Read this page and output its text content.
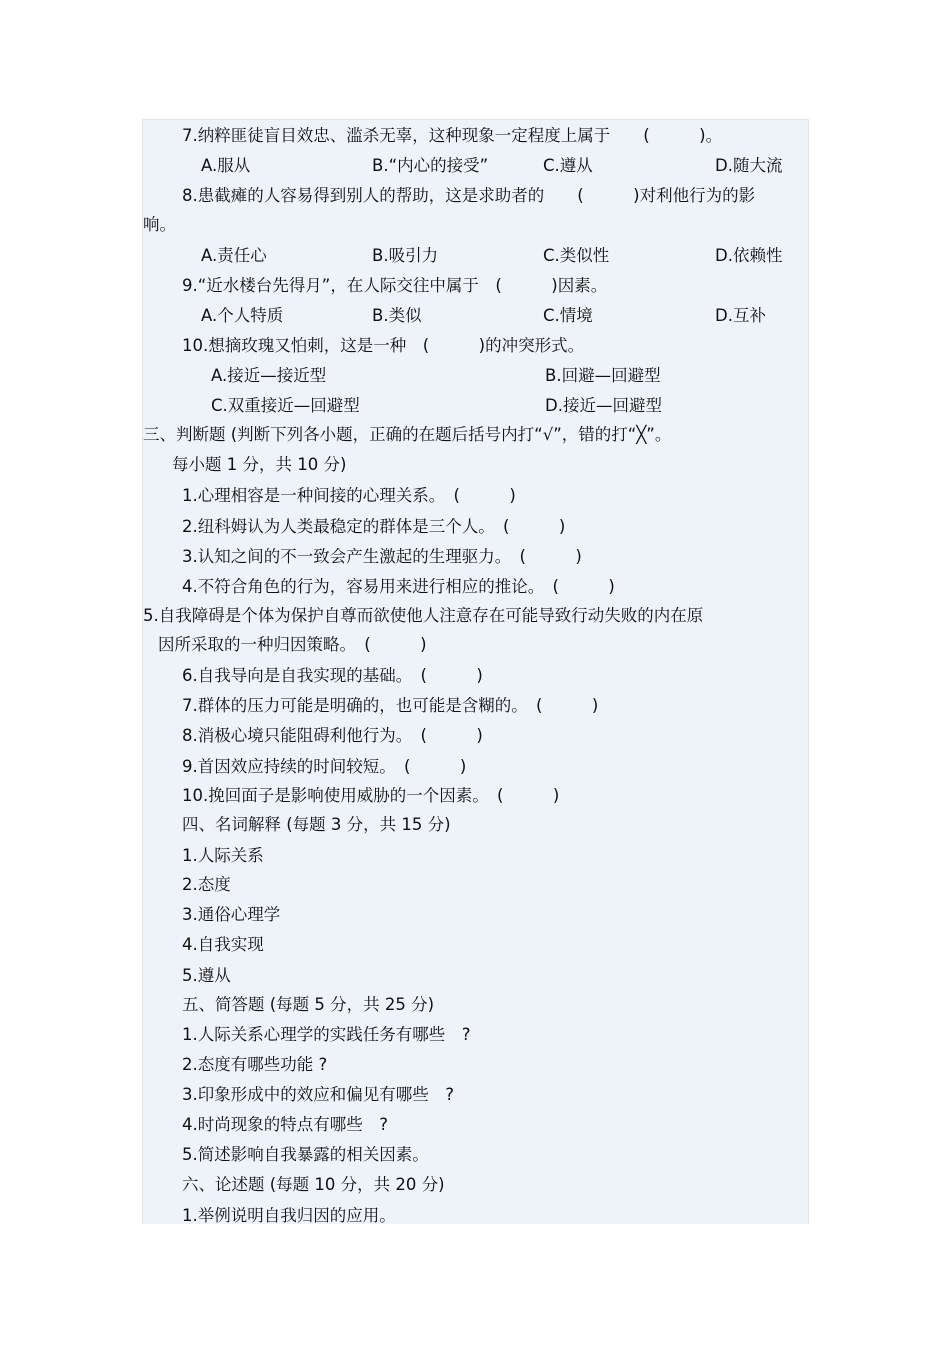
7.纳粹匪徒盲目效忠、滥杀无辜，这种现象一定程度上属于　　(　　　)。
A.服从	B.“内心的接受”	C.遵从	D.随大流
8.患截瘫的人容易得到别人的帮助，这是求助者的　　(　　　)对利他行为的影
响。
A.责任心	B.吸引力	C.类似性	D.依赖性
9.“近水楼台先得月”，在人际交往中属于　(　　　)因素。
A.个人特质	B.类似	C.情境	D.互补
10.想摘玫瑰又怕刺，这是一种　(　　　)的冲突形式。
A.接近—接近型	B.回避—回避型
C.双重接近—回避型	D.接近—回避型
三、判断题 (判断下列各小题，正确的在题后括号内打“√”，错的打“╳”。
每小题 1 分，共 10 分)
1.心理相容是一种间接的心理关系。　(　　　)
2.纽科姆认为人类最稳定的群体是三个人。　(　　　)
3.认知之间的不一致会产生激起的生理驱力。　(　　　)
4.不符合角色的行为，容易用来进行相应的推论。　(　　　)
5.自我障碍是个体为保护自尊而欲使他人注意存在可能导致行动失败的内在原
因所采取的一种归因策略。　(　　　)
6.自我导向是自我实现的基础。　(　　　)
7.群体的压力可能是明确的，也可能是含糊的。　(　　　)
8.消极心境只能阻碍利他行为。　(　　　)
9.首因效应持续的时间较短。　(　　　)
10.挽回面子是影响使用威胁的一个因素。　(　　　)
四、名词解释 (每题 3 分，共 15 分)
1.人际关系
2.态度
3.通俗心理学
4.自我实现
5.遵从
五、简答题 (每题 5 分，共 25 分)
1.人际关系心理学的实践任务有哪些　?
2.态度有哪些功能 ?
3.印象形成中的效应和偏见有哪些　?
4.时尚现象的特点有哪些　?
5.简述影响自我暴露的相关因素。
六、论述题 (每题 10 分，共 20 分)
1.举例说明自我归因的应用。
